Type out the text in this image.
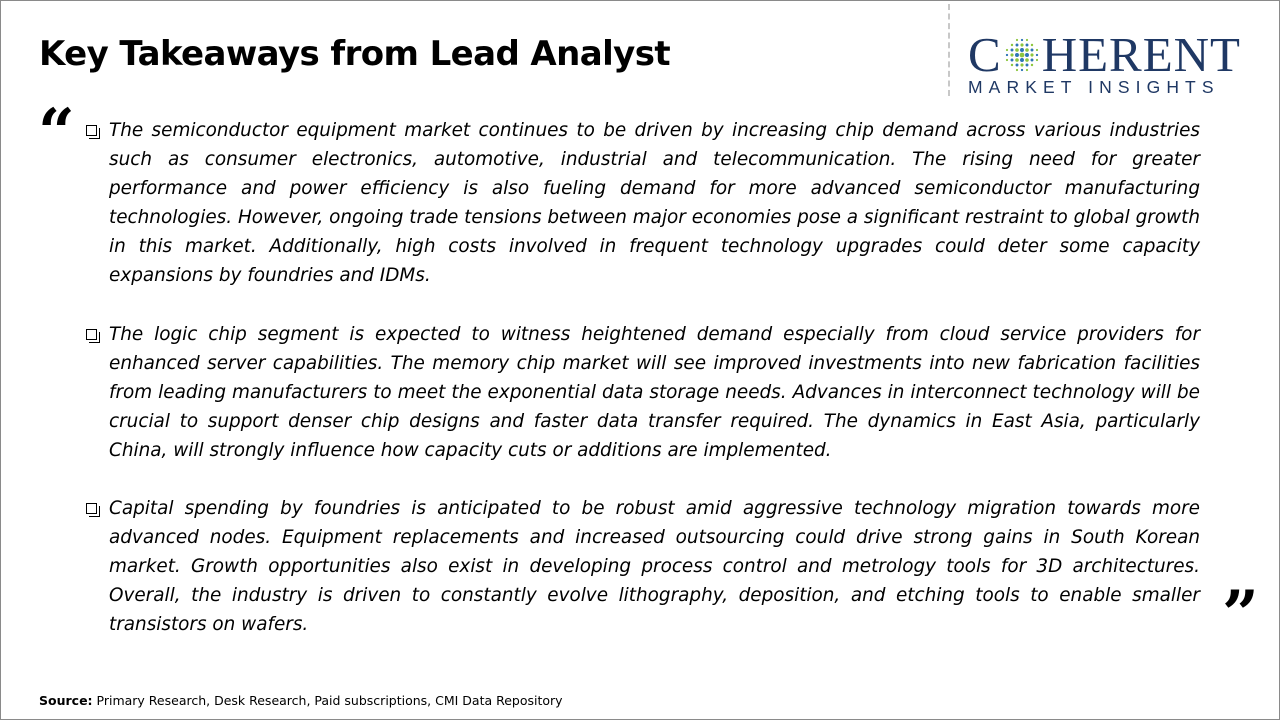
Key Takeaways from Lead Analyst	C HERENT
MARKET INSIGHTS
“ The semiconductor equipment market continues to be driven by increasing chip demand across various industries such as consumer electronics, automotive, industrial and telecommunication. The rising need for greater performance and power efficiency is also fueling demand for more advanced semiconductor manufacturing technologies. However, ongoing trade tensions between major economies pose a significant restraint to global growth in this market. Additionally, high costs involved in frequent technology upgrades could deter some capacity expansions by foundries and IDMs.
The logic chip segment is expected to witness heightened demand especially from cloud service providers for enhanced server capabilities. The memory chip market will see improved investments into new fabrication facilities from leading manufacturers to meet the exponential data storage needs. Advances in interconnect technology will be crucial to support denser chip designs and faster data transfer required. The dynamics in East Asia, particularly China, will strongly influence how capacity cuts or additions are implemented.
Capital spending by foundries is anticipated to be robust amid aggressive technology migration towards more advanced nodes. Equipment replacements and increased outsourcing could drive strong gains in South Korean market. Growth opportunities also exist in developing process control and metrology tools for 3D architectures. Overall, the industry is driven to constantly evolve lithography, deposition, and etching tools to enable smaller transistors on wafers.	”
Source: Primary Research, Desk Research, Paid subscriptions, CMI Data Repository
